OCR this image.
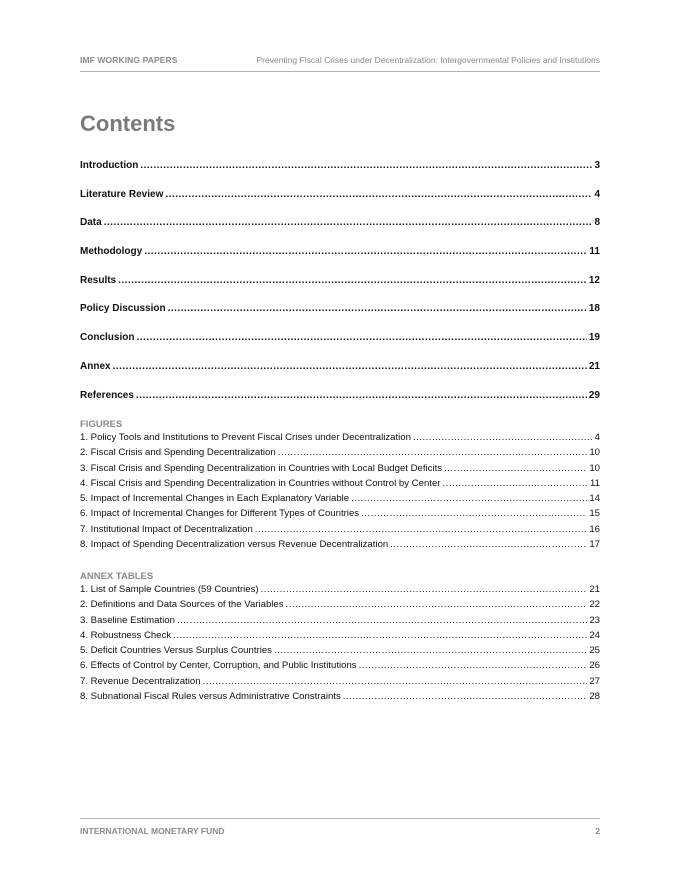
IMF WORKING PAPERS	Preventing Fiscal Crises under Decentralization: Intergovernmental Policies and Institutions
Contents
Introduction .....	3
Literature Review .....	4
Data .....	8
Methodology .....	11
Results .....	12
Policy Discussion .....	18
Conclusion .....	19
Annex .....	21
References .....	29
FIGURES
1. Policy Tools and Institutions to Prevent Fiscal Crises under Decentralization .....	4
2. Fiscal Crisis and Spending Decentralization .....	10
3. Fiscal Crisis and Spending Decentralization in Countries with Local Budget Deficits .....	10
4. Fiscal Crisis and Spending Decentralization in Countries without Control by Center .....	11
5. Impact of Incremental Changes in Each Explanatory Variable .....	14
6. Impact of Incremental Changes for Different Types of Countries .....	15
7. Institutional Impact of Decentralization .....	16
8. Impact of Spending Decentralization versus Revenue Decentralization .....	17
ANNEX TABLES
1. List of Sample Countries (59 Countries) .....	21
2. Definitions and Data Sources of the Variables .....	22
3. Baseline Estimation .....	23
4. Robustness Check .....	24
5. Deficit Countries Versus Surplus Countries .....	25
6. Effects of Control by Center, Corruption, and Public Institutions .....	26
7. Revenue Decentralization .....	27
8. Subnational Fiscal Rules versus Administrative Constraints .....	28
INTERNATIONAL MONETARY FUND	2
